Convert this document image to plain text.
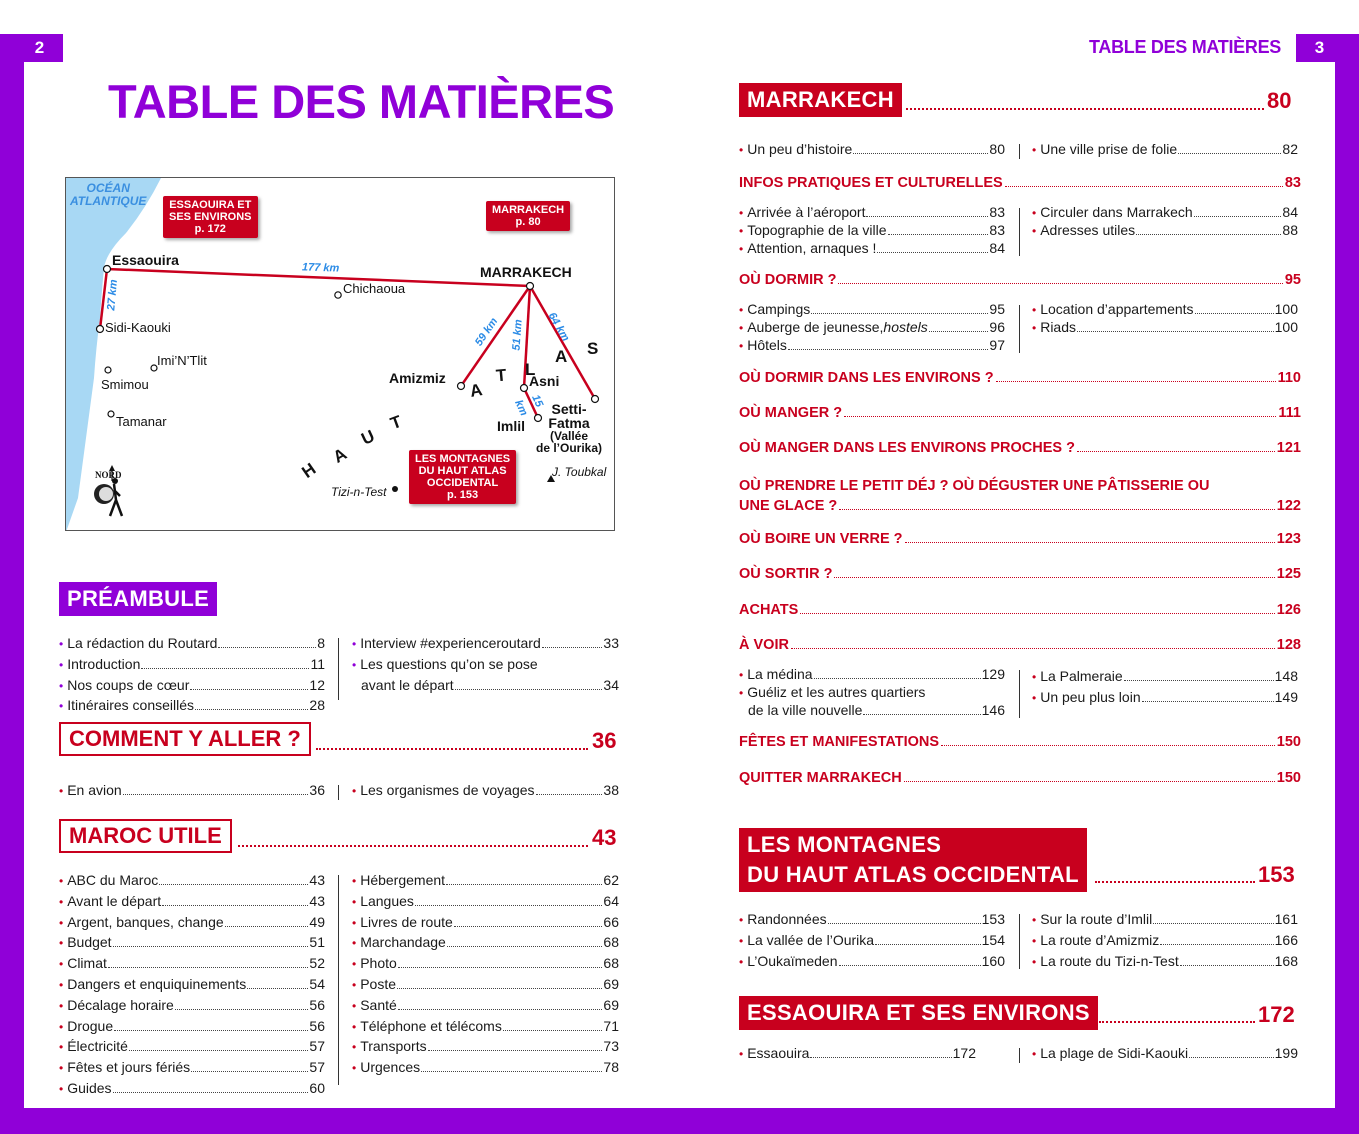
2	3
TABLE DES MATIÈRES
TABLE DES MATIÈRES
OCÉAN
ATLANTIQUE ESSAOUIRA ET
SES ENVIRONS
p. 172
MARRAKECH
p. 80
LES MONTAGNES
DU HAUT ATLAS
OCCIDENTAL
p. 153
Essaouira
MARRAKECH
Chichaoua
Sidi-Kaouki
Imi’N’Tlit
Smimou
Tamanar
Amizmiz	Asni
Imlil
Setti-
Fatma
(Vallée
de l’Ourika)
J. Toubkal
Tizi-n-Test
177 km
27 km
59 km 51 km 64 km
15
km
H
A
U
T
A
T L
A S
NORD
PRÉAMBULE
• La rédaction du Routard	8
• Introduction	11
• Nos coups de cœur	12
• Itinéraires conseillés	28
• Interview #experienceroutard	33
• Les questions qu’on se pose
avant le départ	34
COMMENT Y ALLER ?	36
• En avion	36 • Les organismes de voyages	38
MAROC UTILE	43
• ABC du Maroc	43
• Avant le départ	43
• Argent, banques, change	49
• Budget	51
• Climat	52
• Dangers et enquiquinements	54
• Décalage horaire	56
• Drogue	56
• Électricité	57
• Fêtes et jours fériés	57
• Guides	60
• Hébergement	62
• Langues	64
• Livres de route	66
• Marchandage	68
• Photo	68
• Poste	69
• Santé	69
• Téléphone et télécoms	71
• Transports	73
• Urgences	78
MARRAKECH	80
• Un peu d’histoire	80 • Une ville prise de folie	82
INFOS PRATIQUES ET CULTURELLES	83
• Arrivée à l’aéroport	83
• Topographie de la ville	83
• Attention, arnaques !	84
• Circuler dans Marrakech	84
• Adresses utiles	88
OÙ DORMIR ?	95
• Campings	95
• Auberge de jeunesse, hostels	96
• Hôtels	97
• Location d’appartements	100
• Riads	100
OÙ DORMIR DANS LES ENVIRONS ?	110
OÙ MANGER ?	111
OÙ MANGER DANS LES ENVIRONS PROCHES ?	121
OÙ PRENDRE LE PETIT DÉJ ? OÙ DÉGUSTER UNE PÂTISSERIE OU
UNE GLACE ?	122
OÙ BOIRE UN VERRE ?	123
OÙ SORTIR ?	125
ACHATS	126
À VOIR	128
• La médina	129
• Guéliz et les autres quartiers
de la ville nouvelle	146
• La Palmeraie	148
• Un peu plus loin	149
FÊTES ET MANIFESTATIONS	150
QUITTER MARRAKECH	150
LES MONTAGNES
DU HAUT ATLAS OCCIDENTAL	153
• Randonnées	153
• La vallée de l’Ourika	154
• L’Oukaïmeden	160
• Sur la route d’Imlil	161
• La route d’Amizmiz	166
• La route du Tizi-n-Test	168
ESSAOUIRA ET SES ENVIRONS	172
• Essaouira	172	• La plage de Sidi-Kaouki	199
